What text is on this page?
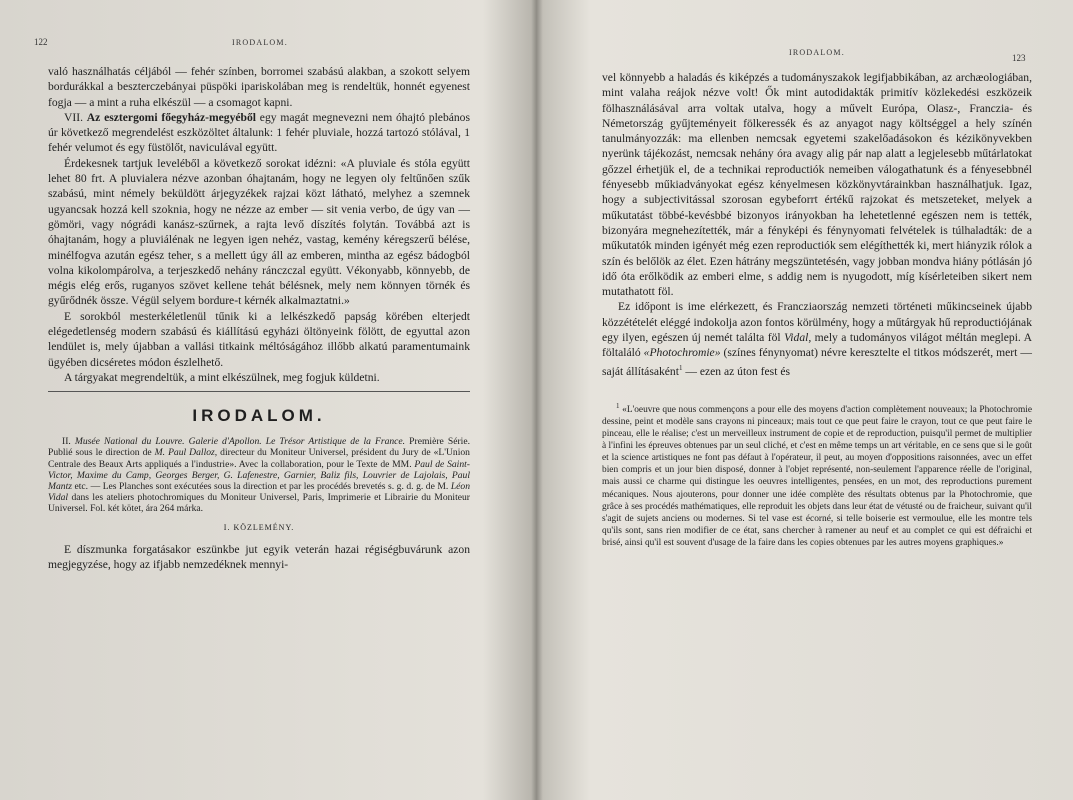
122	IRODALOM.

való használhatás céljából — fehér színben, borromei szabású alakban, a szokott selyem bordurákkal a beszterczebányai püspöki ipariskolában meg is rendeltük, honnét egyenest fogja — a mint a ruha elkészül — a csomagot kapni.

VII. Az esztergomi főegyház-megyéből egy magát megnevezni nem óhajtó plebános úr következő megrendelést eszközöltet általunk: 1 fehér pluviale, hozzá tartozó stólával, 1 fehér velumot és egy füstölőt, naviculával együtt.

Érdekesnek tartjuk leveléből a következő sorokat idézni: «A pluviale és stóla együtt lehet 80 frt. A pluvialera nézve azonban óhajtanám, hogy ne legyen oly feltűnően szűk szabású, mint némely beküldött árjegyzékek rajzai közt látható, melyhez a szemnek ugyancsak hozzá kell szoknia, hogy ne nézze az ember — sit venia verbo, de úgy van — gömöri, vagy nógrádi kanász-szűrnek, a rajta levő díszítés folytán. Továbbá azt is óhajtanám, hogy a pluviálénak ne legyen igen nehéz, vastag, kemény kéregszerű bélése, minélfogva azután egész teher, s a mellett úgy áll az emberen, mintha az egész bádogból volna kikolompárolva, a terjeszkedő nehány ránczczal együtt. Vékonyabb, könnyebb, de mégis elég erős, ruganyos szövet kellene tehát bélésnek, mely nem könnyen törnék és gyűrődnék össze. Végül selyem bordure-t kérnék alkalmaztatni.»

E sorokból mesterkéletlenül tűnik ki a lelkészkedő papság körében elterjedt elégedetlenség modern szabású és kiállítású egyházi öltönyeink fölött, de egyuttal azon lendület is, mely újabban a vallási titkaink méltóságához illőbb alkatú paramentumaink ügyében dicséretes módon észlelhető.

A tárgyakat megrendeltük, a mint elkészülnek, meg fogjuk küldetni.

IRODALOM.

II. Musée National du Louvre. Galerie d'Apollon. Le Trésor Artistique de la France. Première Série. Publié sous le direction de M. Paul Dalloz, directeur du Moniteur Universel, président du Jury de «L'Union Centrale des Beaux Arts appliqués a l'industrie». Avec la collaboration, pour le Texte de MM. Paul de Saint-Victor, Maxime du Camp, Georges Berger, G. Lafenestre, Garnier, Baliz fils, Louvrier de Lajolais, Paul Mantz etc. — Les Planches sont exécutées sous la direction et par les procédés brevetés s. g. d. g. de M. Léon Vidal dans les ateliers photochromiques du Moniteur Universel, Paris, Imprimerie et Librairie du Moniteur Universel. Fol. két kötet, ára 264 márka.

I. KÖZLEMÉNY.

E díszmunka forgatásakor eszünkbe jut egyik veterán hazai régiségbuvárunk azon megjegyzése, hogy az ifjabb nemzedéknek mennyi-

IRODALOM.
123

vel könnyebb a haladás és kiképzés a tudományszakok legifjabbikában, az archæologiában, mint valaha reájok nézve volt! Ők mint autodidakták primitív közlekedési eszközeik fölhasználásával arra voltak utalva, hogy a művelt Európa, Olasz-, Franczia- és Németország gyűjteményeit fölkeressék és az anyagot nagy költséggel a hely színén tanulmányozzák: ma ellenben nemcsak egyetemi szakelőadásokon és kézikönyvekben nyerünk tájékozást, nemcsak nehány óra avagy alig pár nap alatt a legjelesebb műtárlatokat gőzzel érhetjük el, de a technikai reproductiók nemeiben válogathatunk és a fényesebbnél fényesebb műkiadványokat egész kényelmesen közkönyvtárainkban használhatjuk. Igaz, hogy a subjectivitással szorosan egybeforrt értékű rajzokat és metszeteket, melyek a műkutatást többé-kevésbbé bizonyos irányokban ha lehetetlenné egészen nem is tették, bizonyára megnehezítették, már a fényképi és fénynyomati felvételek is túlhaladták: de a műkutatók minden igényét még ezen reproductiók sem elégíthették ki, mert hiányzik rólok a szín és belőlök az élet. Ezen hátrány megszüntetésén, vagy jobban mondva hiány pótlásán jó idő óta erőlködik az emberi elme, s addig nem is nyugodott, míg kísérleteiben sikert nem mutathatott föl.

Ez időpont is ime elérkezett, és Francziaország nemzeti történeti műkincseinek újabb közzétételét eléggé indokolja azon fontos körülmény, hogy a műtárgyak hű reproductiójának egy ilyen, egészen új nemét találta föl Vidal, mely a tudományos világot méltán meglepi. A föltaláló «Photochromie» (színes fénynyomat) névre keresztelte el titkos módszerét, mert — saját állításaként$^1$ — ezen az úton fest és

$^1$ «L'oeuvre que nous commençons a pour elle des moyens d'action complètement nouveaux; la Photochromie dessine, peint et modèle sans crayons ni pinceaux; mais tout ce que peut faire le crayon, tout ce que peut faire le pinceau, elle le réalise; c'est un merveilleux instrument de copie et de reproduction, puisqu'il permet de multiplier à l'infini les épreuves obtenues par un seul cliché, et c'est en même temps un art véritable, en ce sens que si le goût et la science artistiques ne font pas défaut à l'opérateur, il peut, au moyen d'oppositions raisonnées, avec un effet bien compris et un jour bien disposé, donner à l'objet représenté, non-seulement l'apparence réelle de l'original, mais aussi ce charme qui distingue les oeuvres intelligentes, pensées, en un mot, des reproductions purement mécaniques. Nous ajouterons, pour donner une idée complète des résultats obtenus par la Photochromie, que grâce à ses procédés mathématiques, elle reproduit les objets dans leur état de vétusté ou de fraicheur, suivant qu'il s'agit de sujets anciens ou modernes. Si tel vase est écorné, si telle boiserie est vermoulue, elle les montre tels qu'ils sont, sans rien modifier de ce état, sans chercher à ramener au neuf et au complet ce qui est défraichi et brisé, ainsi qu'il est souvent d'usage de la faire dans les copies obtenues par les autres moyens graphiques.»
